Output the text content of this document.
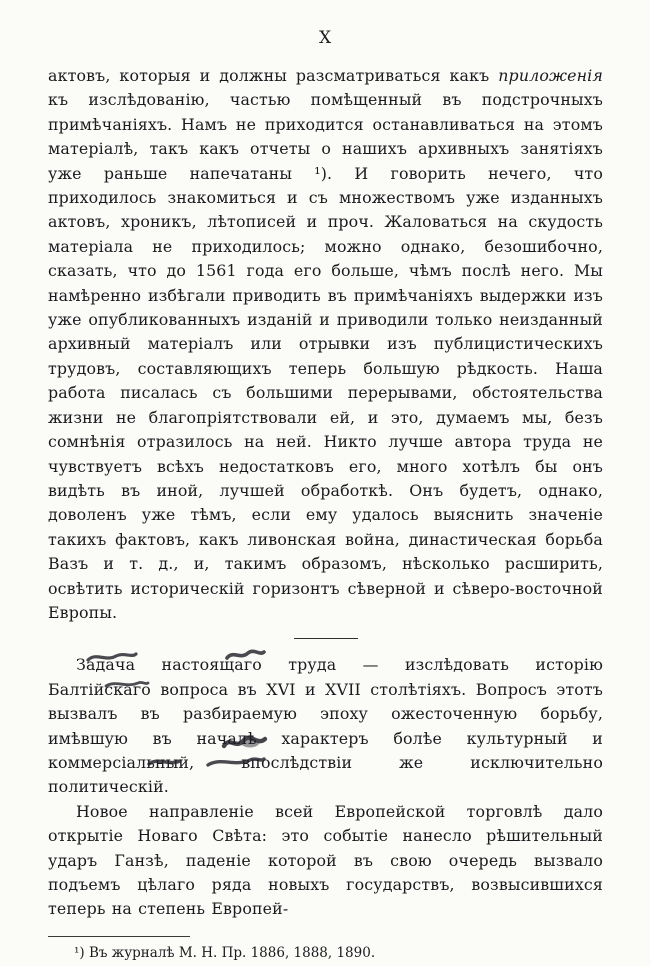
X

актовъ, которыя и должны разсматриваться какъ приложенія къ изслѣдованію, частью помѣщенный въ подстрочныхъ примѣчаніяхъ. Намъ не приходится останавливаться на этомъ матеріалѣ, такъ какъ отчеты о нашихъ архивныхъ занятіяхъ уже раньше напечатаны ¹). И говорить нечего, что приходилось знакомиться и съ множествомъ уже изданныхъ актовъ, хроникъ, лѣтописей и проч. Жаловаться на скудость матеріала не приходилось; можно однако, безошибочно, сказать, что до 1561 года его больше, чѣмъ послѣ него. Мы намѣренно избѣгали приводить въ примѣчаніяхъ выдержки изъ уже опубликованныхъ изданій и приводили только неизданный архивный матеріалъ или отрывки изъ публицистическихъ трудовъ, составляющихъ теперь большую рѣдкость. Наша работа писалась съ большими перерывами, обстоятельства жизни не благопріятствовали ей, и это, думаемъ мы, безъ сомнѣнія отразилось на ней. Никто лучше автора труда не чувствуетъ всѣхъ недостатковъ его, много хотѣлъ бы онъ видѣть въ иной, лучшей обработкѣ. Онъ будетъ, однако, доволенъ уже тѣмъ, если ему удалось выяснить значеніе такихъ фактовъ, какъ ливонская война, династическая борьба Вазъ и т. д., и, такимъ образомъ, нѣсколько расширить, освѣтить историческій горизонтъ сѣверной и сѣверо-восточной Европы.

Задача настоящаго труда — изслѣдовать исторію Балтійскаго вопроса въ XVI и XVII столѣтіяхъ. Вопросъ этотъ вызвалъ въ разбираемую эпоху ожесточенную борьбу, имѣвшую въ началѣ характеръ болѣе культурный и коммерсіальный, впослѣдствіи же исключительно политическій.

Новое направленіе всей Европейской торговлѣ дало открытіе Новаго Свѣта: это событіе нанесло рѣшительный ударъ Ганзѣ, паденіе которой въ свою очередь вызвало подъемъ цѣлаго ряда новыхъ государствъ, возвысившихся теперь на степень Европей-

¹) Въ журналѣ М. Н. Пр. 1886, 1888, 1890.
